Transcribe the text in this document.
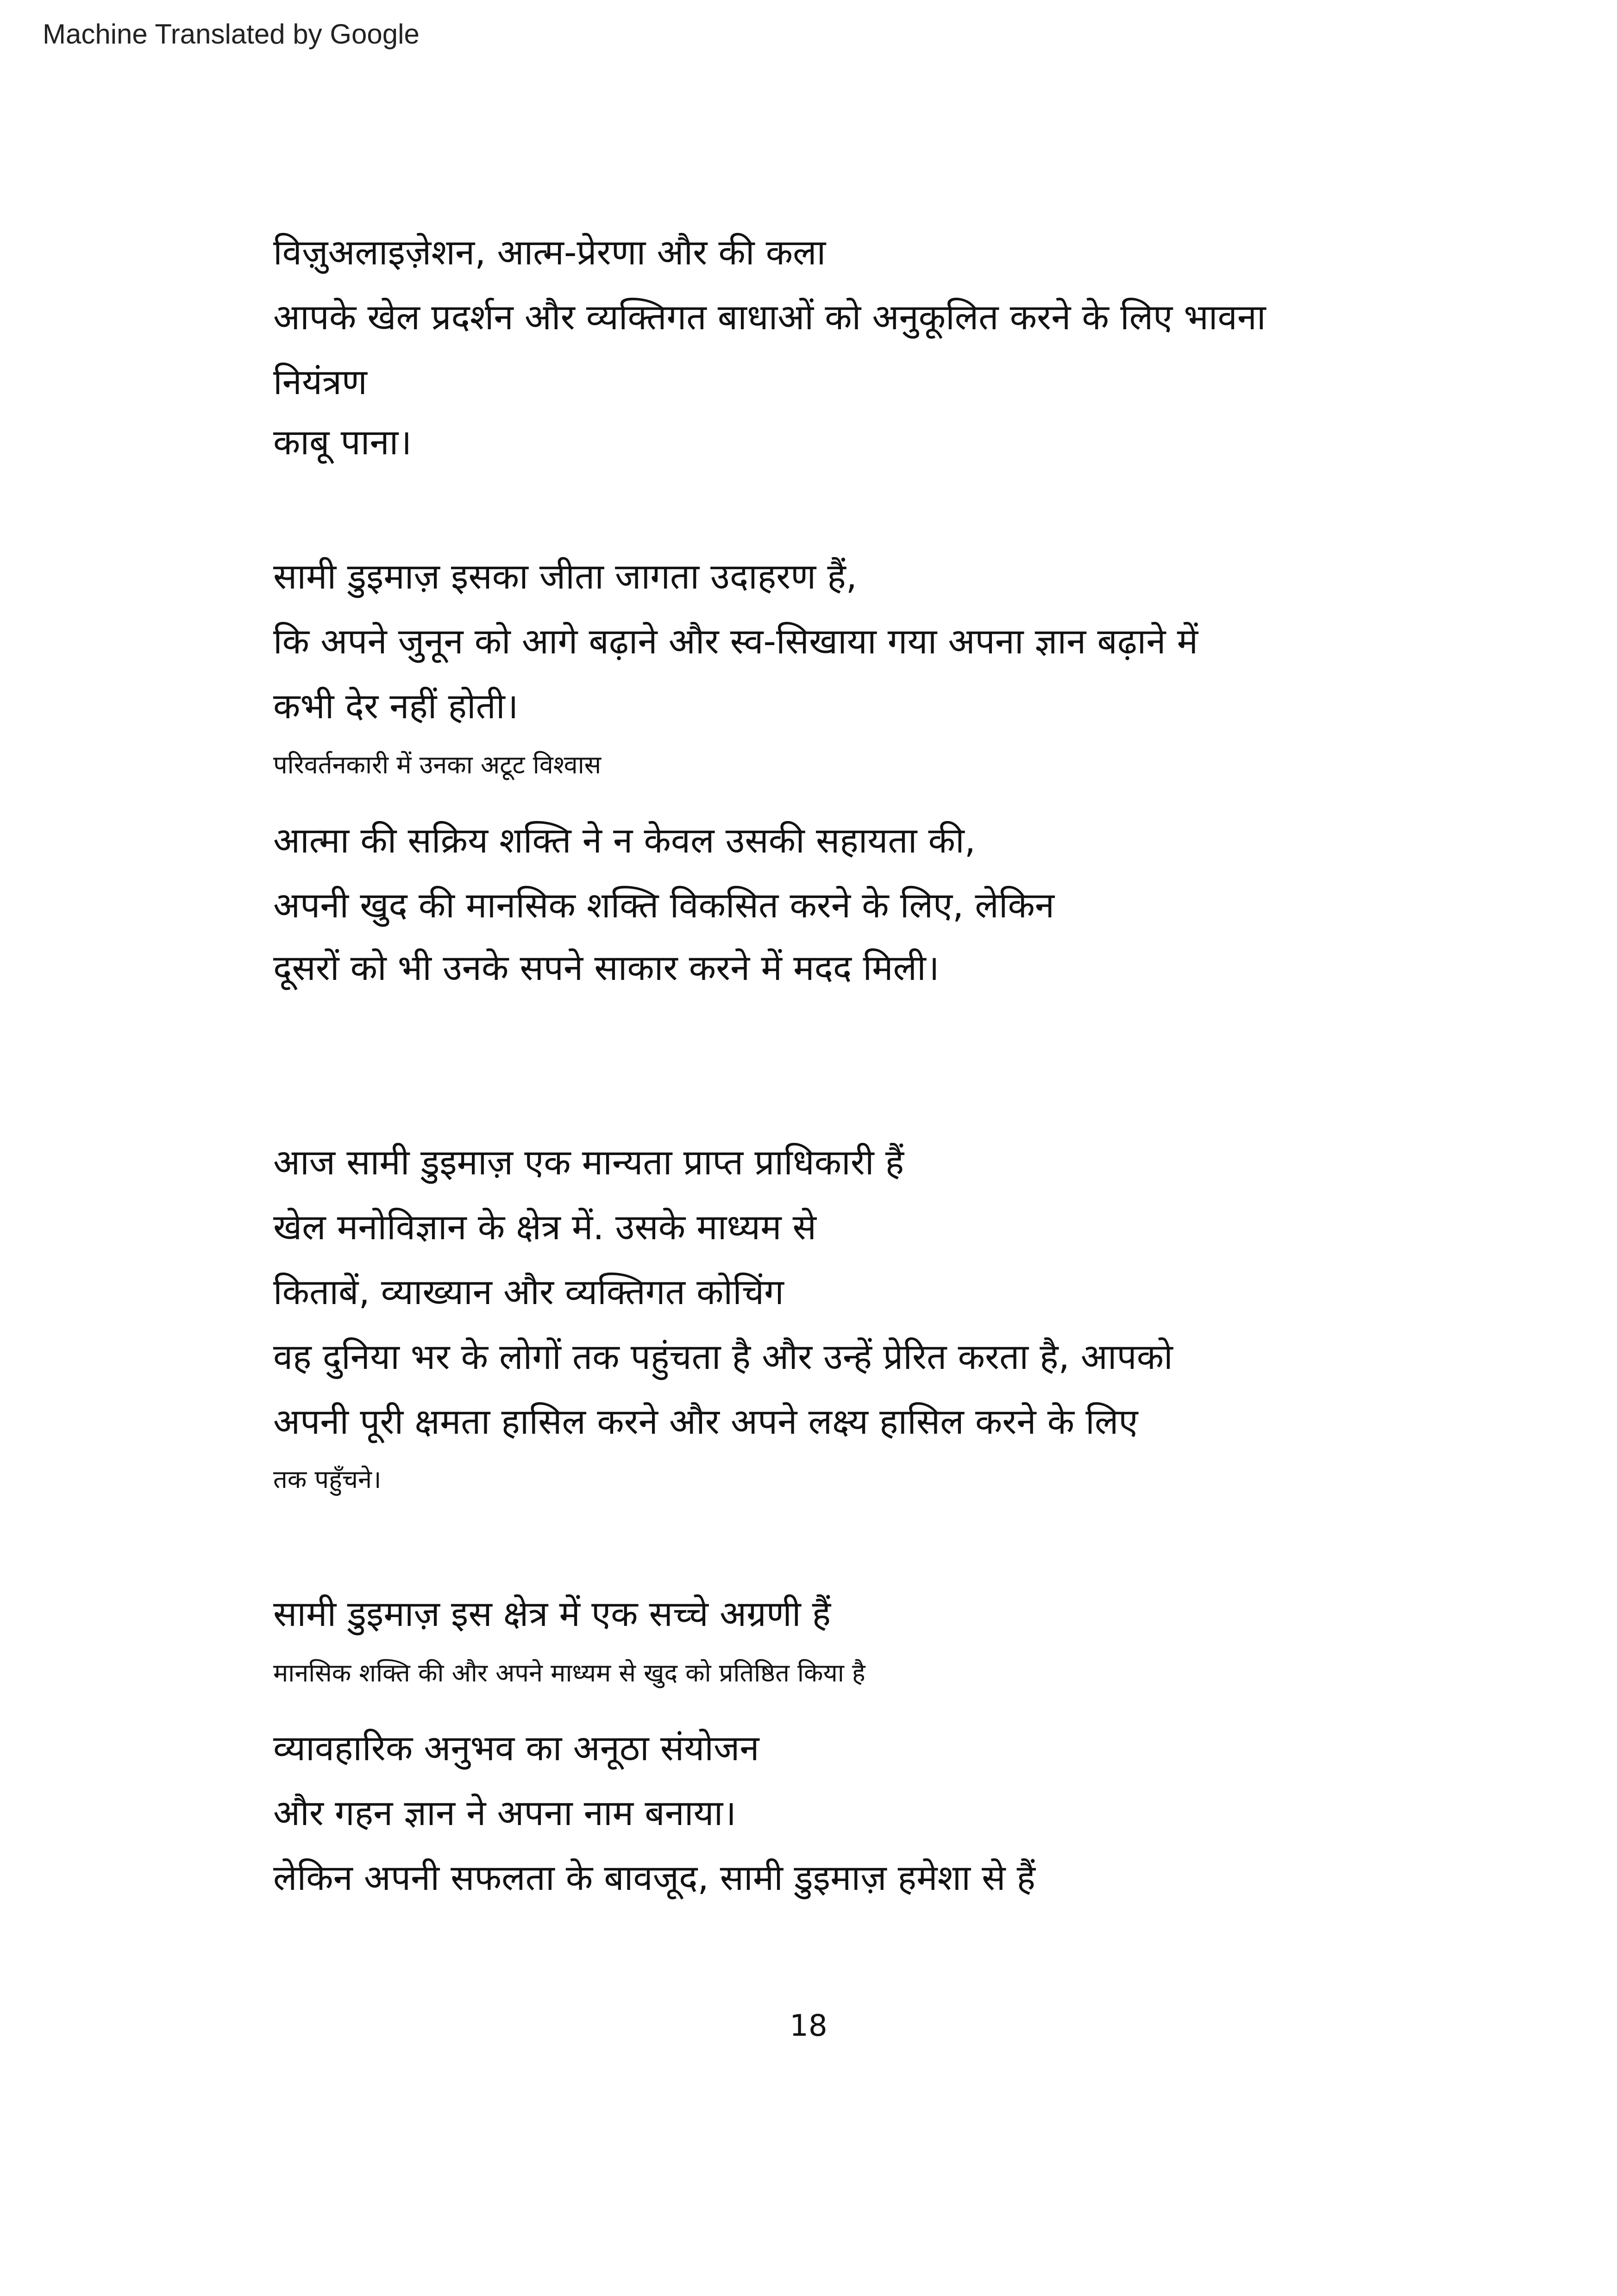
Machine Translated by Google
विज़ुअलाइज़ेशन, आत्म-प्रेरणा और की कला
आपके खेल प्रदर्शन और व्यक्तिगत बाधाओं को अनुकूलित करने के लिए भावना
नियंत्रण
काबू पाना।
सामी डुइमाज़ इसका जीता जागता उदाहरण हैं,
कि अपने जुनून को आगे बढ़ाने और स्व-सिखाया गया अपना ज्ञान बढ़ाने में
कभी देर नहीं होती।
परिवर्तनकारी में उनका अटूट विश्वास
आत्मा की सक्रिय शक्ति ने न केवल उसकी सहायता की,
अपनी खुद की मानसिक शक्ति विकसित करने के लिए, लेकिन
दूसरों को भी उनके सपने साकार करने में मदद मिली।
आज सामी डुइमाज़ एक मान्यता प्राप्त प्राधिकारी हैं
खेल मनोविज्ञान के क्षेत्र में. उसके माध्यम से
किताबें, व्याख्यान और व्यक्तिगत कोचिंग
वह दुनिया भर के लोगों तक पहुंचता है और उन्हें प्रेरित करता है, आपको
अपनी पूरी क्षमता हासिल करने और अपने लक्ष्य हासिल करने के लिए
तक पहुँचने।
सामी डुइमाज़ इस क्षेत्र में एक सच्चे अग्रणी हैं
मानसिक शक्ति की और अपने माध्यम से खुद को प्रतिष्ठित किया है
व्यावहारिक अनुभव का अनूठा संयोजन
और गहन ज्ञान ने अपना नाम बनाया।
लेकिन अपनी सफलता के बावजूद, सामी डुइमाज़ हमेशा से हैं
18
